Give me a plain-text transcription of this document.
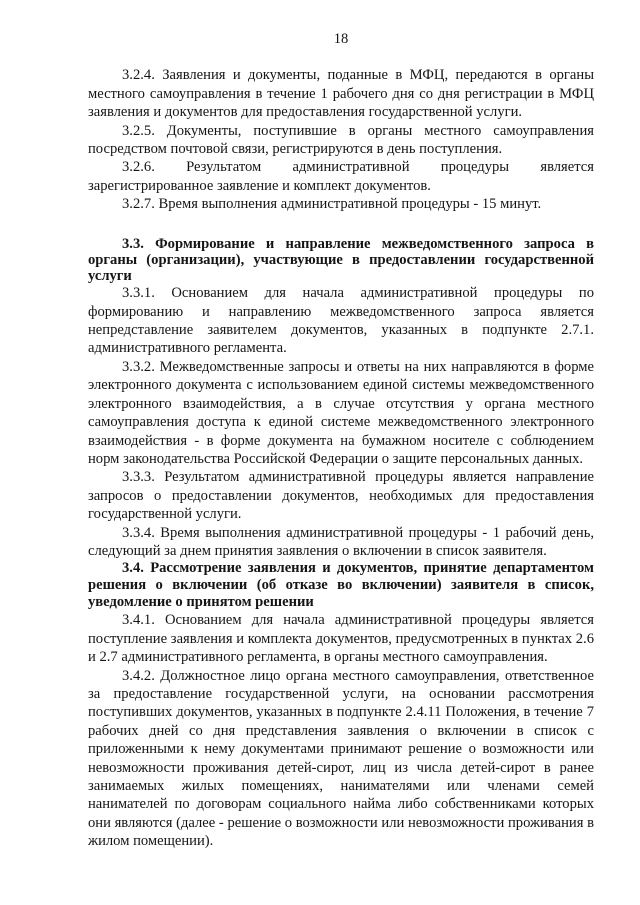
18

3.2.4. Заявления и документы, поданные в МФЦ, передаются в органы местного самоуправления в течение 1 рабочего дня со дня регистрации в МФЦ заявления и документов для предоставления государственной услуги.

3.2.5. Документы, поступившие в органы местного самоуправления посредством почтовой связи, регистрируются в день поступления.

3.2.6. Результатом административной процедуры является зарегистрированное заявление и комплект документов.

3.2.7. Время выполнения административной процедуры - 15 минут.

3.3. Формирование и направление межведомственного запроса в органы (организации), участвующие в предоставлении государственной услуги

3.3.1. Основанием для начала административной процедуры по формированию и направлению межведомственного запроса является непредставление заявителем документов, указанных в подпункте 2.7.1. административного регламента.

3.3.2. Межведомственные запросы и ответы на них направляются в форме электронного документа с использованием единой системы межведомственного электронного взаимодействия, а в случае отсутствия у органа местного самоуправления доступа к единой системе межведомственного электронного взаимодействия - в форме документа на бумажном носителе с соблюдением норм законодательства Российской Федерации о защите персональных данных.

3.3.3. Результатом административной процедуры является направление запросов о предоставлении документов, необходимых для предоставления государственной услуги.

3.3.4. Время выполнения административной процедуры - 1 рабочий день, следующий за днем принятия заявления о включении в список заявителя.

3.4. Рассмотрение заявления и документов, принятие департаментом решения о включении (об отказе во включении) заявителя в список, уведомление о принятом решении

3.4.1. Основанием для начала административной процедуры является поступление заявления и комплекта документов, предусмотренных в пунктах 2.6 и 2.7 административного регламента, в органы местного самоуправления.

3.4.2. Должностное лицо органа местного самоуправления, ответственное за предоставление государственной услуги, на основании рассмотрения поступивших документов, указанных в подпункте 2.4.11 Положения, в течение 7 рабочих дней со дня представления заявления о включении в список с приложенными к нему документами принимают решение о возможности или невозможности проживания детей-сирот, лиц из числа детей-сирот в ранее занимаемых жилых помещениях, нанимателями или членами семей нанимателей по договорам социального найма либо собственниками которых они являются (далее - решение о возможности или невозможности проживания в жилом помещении).
